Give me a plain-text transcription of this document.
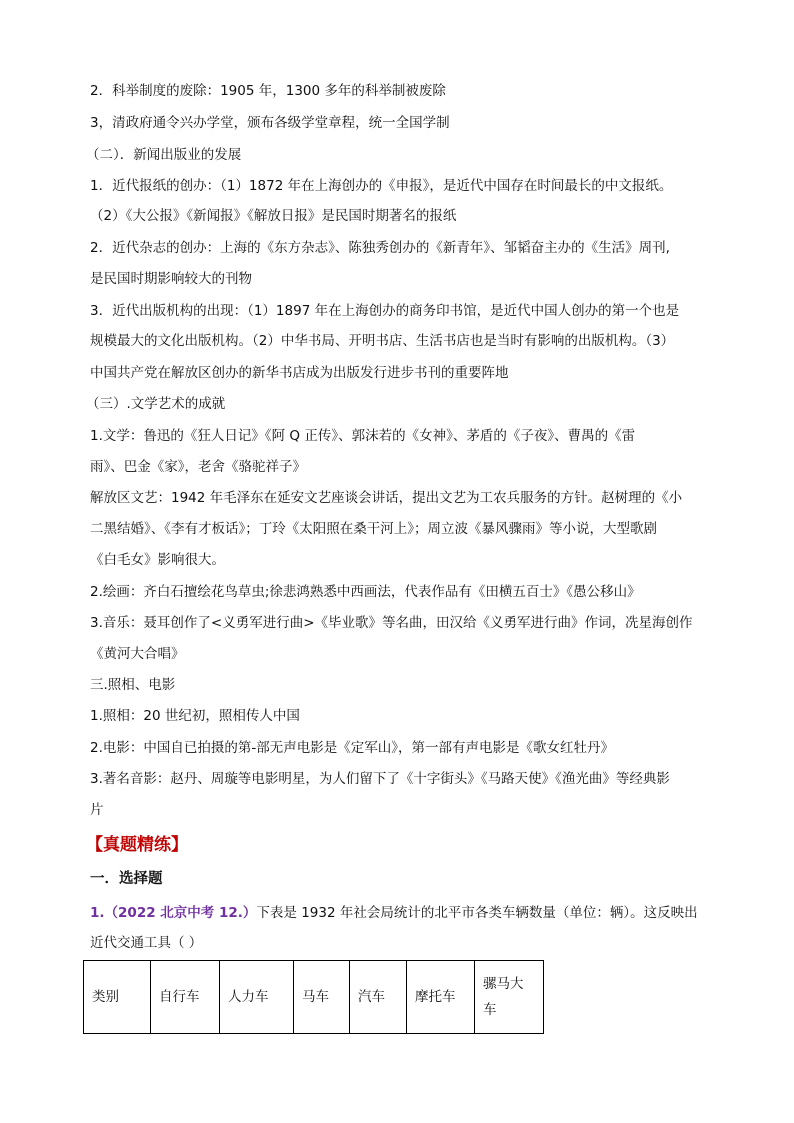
2．科举制度的废除：1905 年，1300 多年的科举制被废除
3，清政府通令兴办学堂，颁布各级学堂章程，统一全国学制
（二）．新闻出版业的发展
1．近代报纸的创办：（1）1872 年在上海创办的《申报》，是近代中国存在时间最长的中文报纸。
（2）《大公报》《新闻报》《解放日报》是民国时期著名的报纸
2．近代杂志的创办：上海的《东方杂志》、陈独秀创办的《新青年》、邹韬奋主办的《生活》周刊,
是民国时期影响较大的刊物
3．近代出版机构的出现：（1）1897 年在上海创办的商务印书馆，是近代中国人创办的第一个也是
规模最大的文化出版机构。（2）中华书局、开明书店、生活书店也是当时有影响的出版机构。（3）
中国共产党在解放区创办的新华书店成为出版发行进步书刊的重要阵地
（三）.文学艺术的成就
1.文学：鲁迅的《狂人日记》《阿 Q 正传》、郭沫若的《女神》、茅盾的《子夜》、曹禺的《雷
雨》、巴金《家》，老舍《骆驼祥子》
解放区文艺：1942 年毛泽东在延安文艺座谈会讲话，提出文艺为工农兵服务的方针。赵树理的《小
二黑结婚》、《李有才板话》；丁玲《太阳照在桑干河上》；周立波《暴风骤雨》等小说，大型歌剧
《白毛女》影响很大。
2.绘画：齐白石擅绘花鸟草虫;徐悲鸿熟悉中西画法，代表作品有《田横五百士》《愚公移山》
3.音乐：聂耳创作了<义勇军进行曲>《毕业歌》等名曲，田汉给《义勇军进行曲》作词，冼星海创作
《黄河大合唱》
三.照相、电影
1.照相：20 世纪初，照相传人中国
2.电影：中国自已拍摄的第-部无声电影是《定军山》，第一部有声电影是《歌女红牡丹》
3.著名音影：赵丹、周璇等电影明星，为人们留下了《十字街头》《马路天使》《渔光曲》等经典影
片
【真题精练】
一．选择题
1.（2022 北京中考 12.）下表是 1932 年社会局统计的北平市各类车辆数量（单位：辆）。这反映出
近代交通工具（ ）
类别	自行车	人力车	马车	汽车	摩托车	骡马大车
